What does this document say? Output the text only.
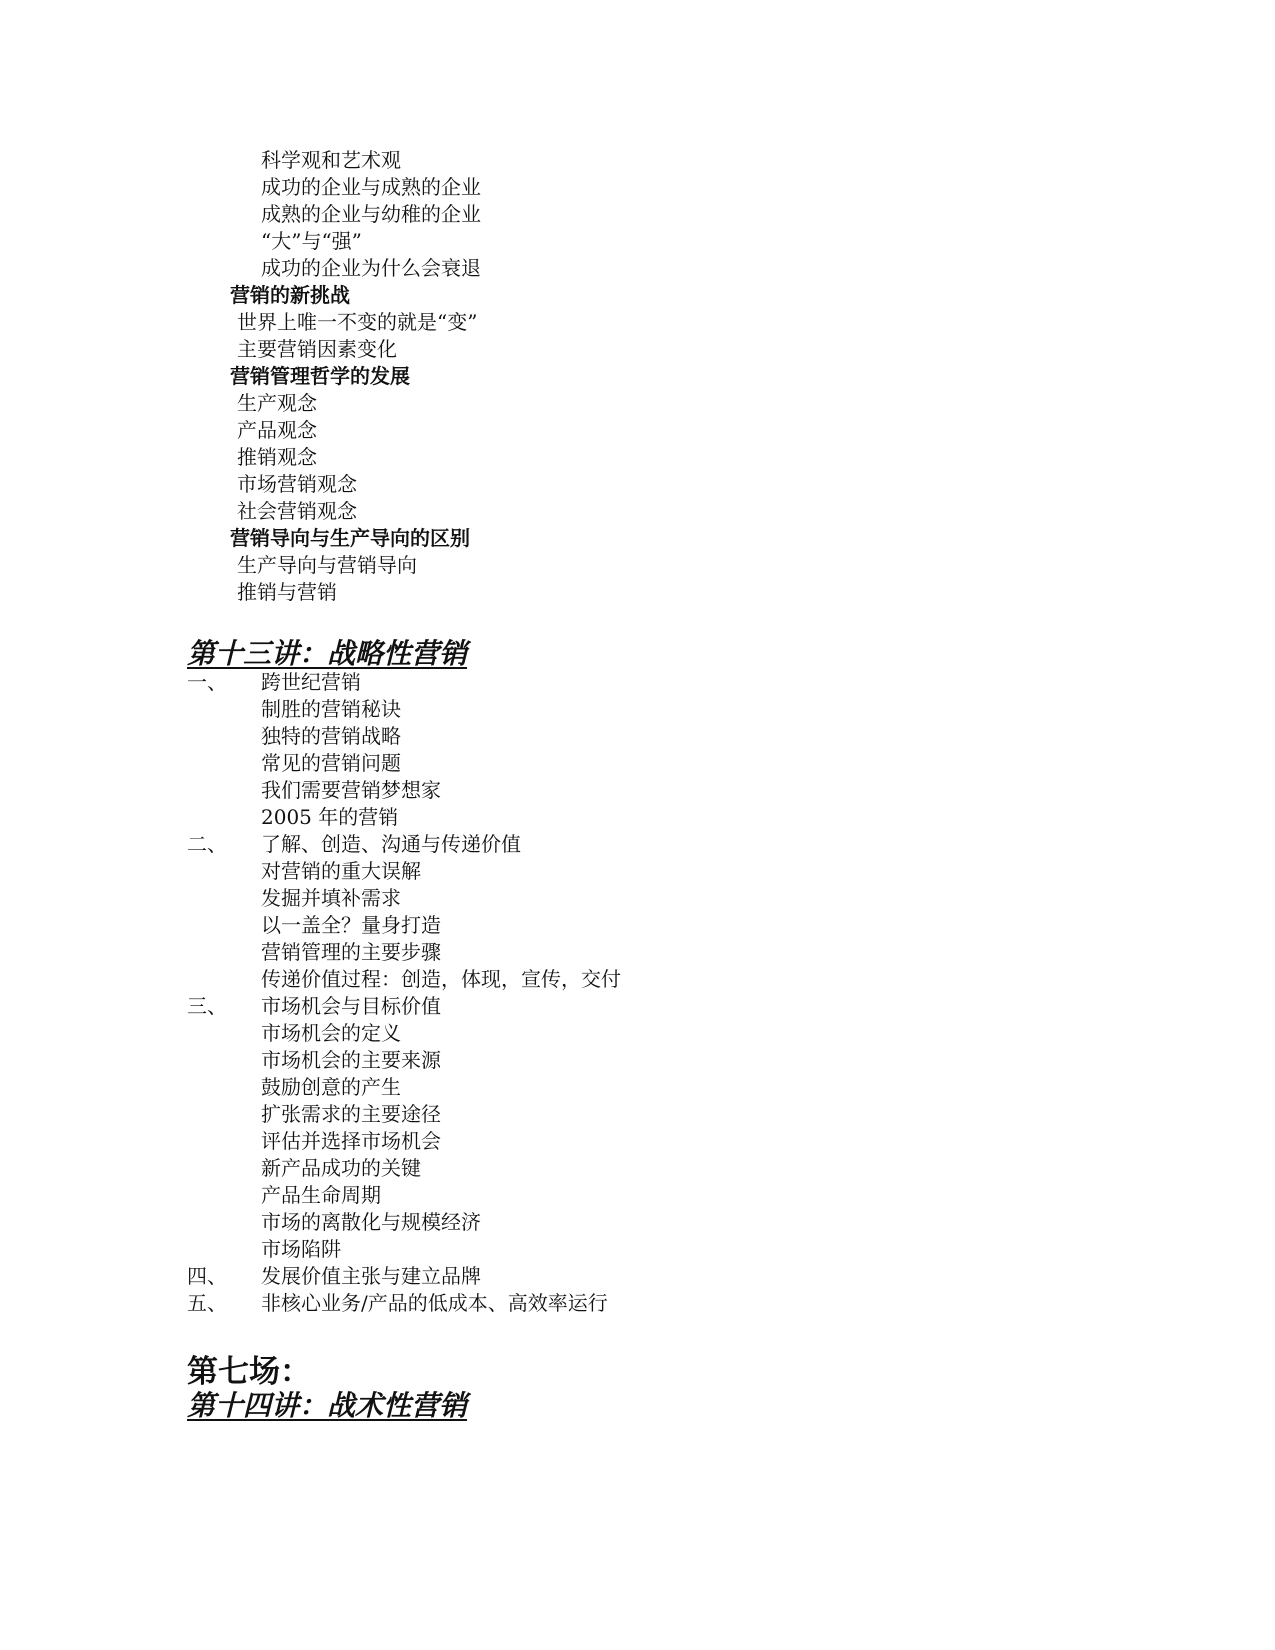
科学观和艺术观
成功的企业与成熟的企业
成熟的企业与幼稚的企业
“大”与“强”
成功的企业为什么会衰退
营销的新挑战
世界上唯一不变的就是“变”
主要营销因素变化
营销管理哲学的发展
生产观念
产品观念
推销观念
市场营销观念
社会营销观念
营销导向与生产导向的区别
生产导向与营销导向
推销与营销
第十三讲：战略性营销
一、 跨世纪营销
制胜的营销秘诀
独特的营销战略
常见的营销问题
我们需要营销梦想家
2005 年的营销
二、 了解、创造、沟通与传递价值
对营销的重大误解
发掘并填补需求
以一盖全？量身打造
营销管理的主要步骤
传递价值过程：创造，体现，宣传，交付
三、 市场机会与目标价值
市场机会的定义
市场机会的主要来源
鼓励创意的产生
扩张需求的主要途径
评估并选择市场机会
新产品成功的关键
产品生命周期
市场的离散化与规模经济
市场陷阱
四、 发展价值主张与建立品牌
五、 非核心业务/产品的低成本、高效率运行
第七场：
第十四讲：战术性营销
